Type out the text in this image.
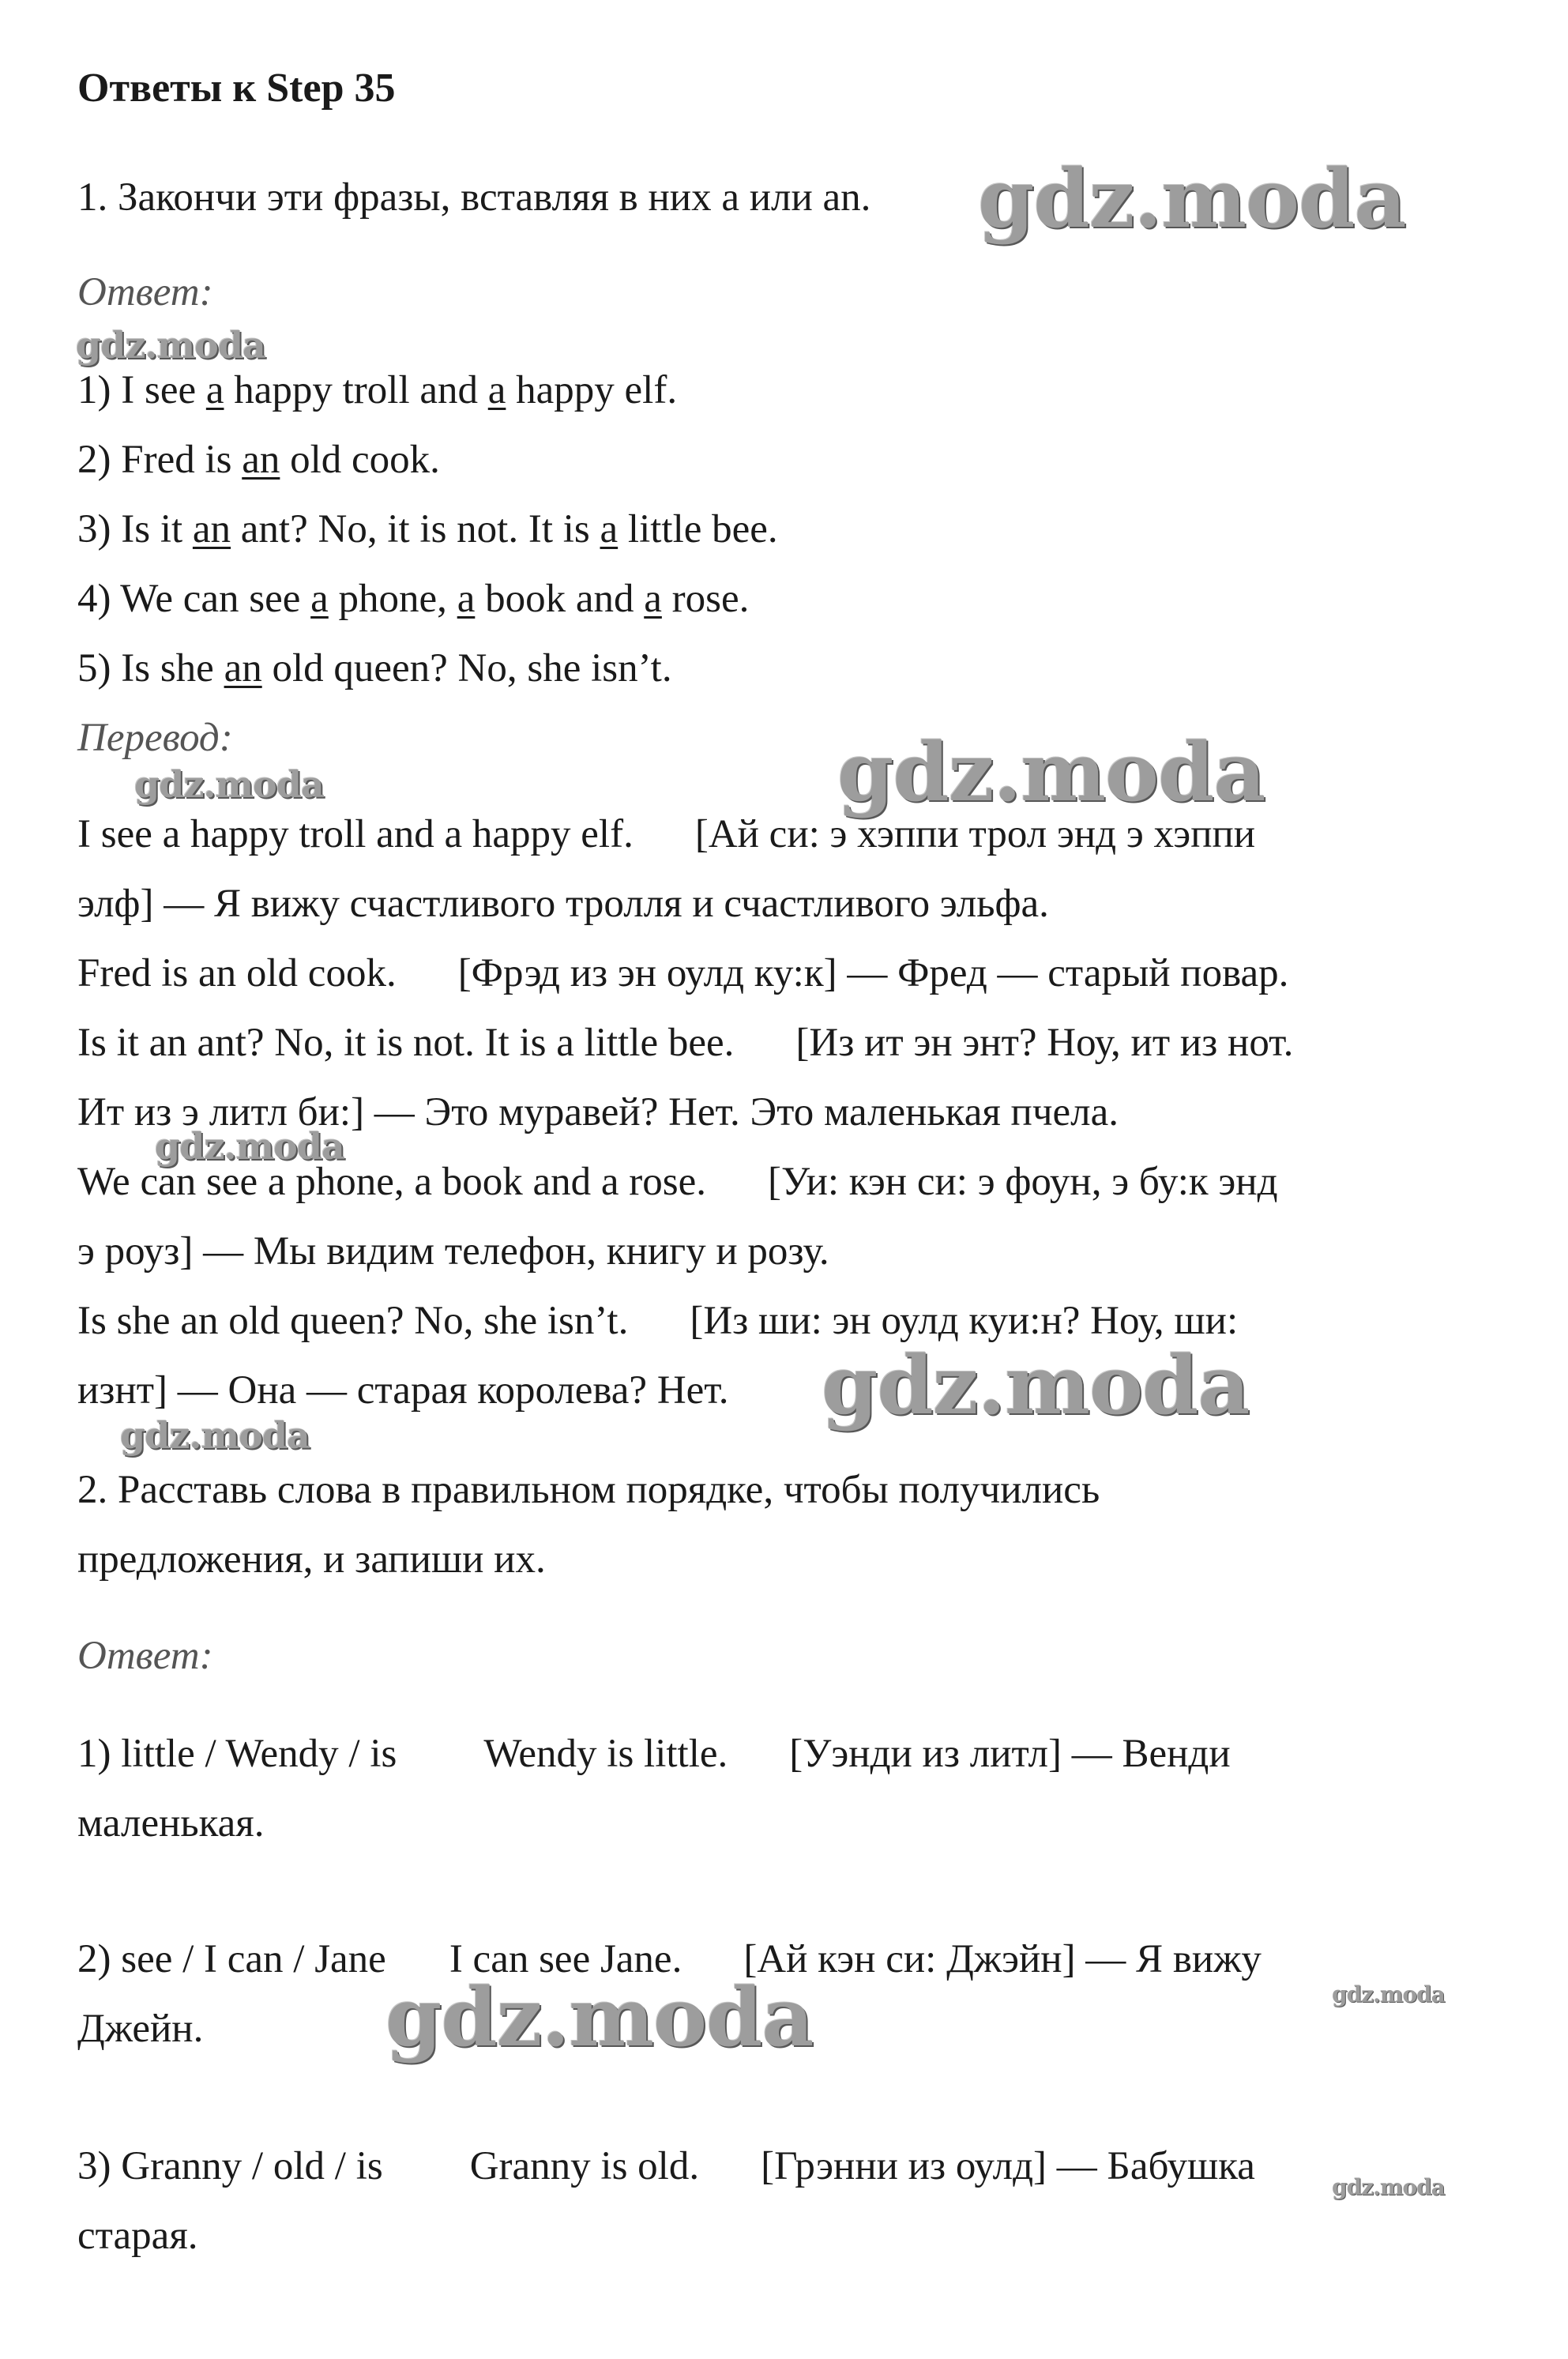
Ответы к Step 35
1. Закончи эти фразы, вставляя в них a или an.
Ответ:
1) I see a happy troll and a happy elf.
2) Fred is an old cook.
3) Is it an ant? No, it is not. It is a little bee.
4) We can see a phone, a book and a rose.
5) Is she an old queen? No, she isn’t.
Перевод:
I see a happy troll and a happy elf. [Ай си: э хэппи трол энд э хэппи
элф] — Я вижу счастливого тролля и счастливого эльфа.
Fred is an old cook. [Фрэд из эн оулд ку:к] — Фред — старый повар.
Is it an ant? No, it is not. It is a little bee. [Из ит эн энт? Ноу, ит из нот.
Ит из э литл би:] — Это муравей? Нет. Это маленькая пчела.
We can see a phone, a book and a rose. [Уи: кэн си: э фоун, э бу:к энд
э роуз] — Мы видим телефон, книгу и розу.
Is she an old queen? No, she isn’t. [Из ши: эн оулд куи:н? Ноу, ши:
изнт] — Она — старая королева? Нет.
2. Расставь слова в правильном порядке, чтобы получились
предложения, и запиши их.
Ответ:
1) little / Wendy / is Wendy is little. [Уэнди из литл] — Венди
маленькая.
2) see / I can / Jane I can see Jane. [Ай кэн си: Джэйн] — Я вижу
Джейн.
3) Granny / old / is Granny is old. [Грэнни из оулд] — Бабушка
старая.
gdz.moda
gdz.moda
gdz.moda
gdz.moda
gdz.moda
gdz.moda
gdz.moda
gdz.moda	gdz.moda
gdz.moda
